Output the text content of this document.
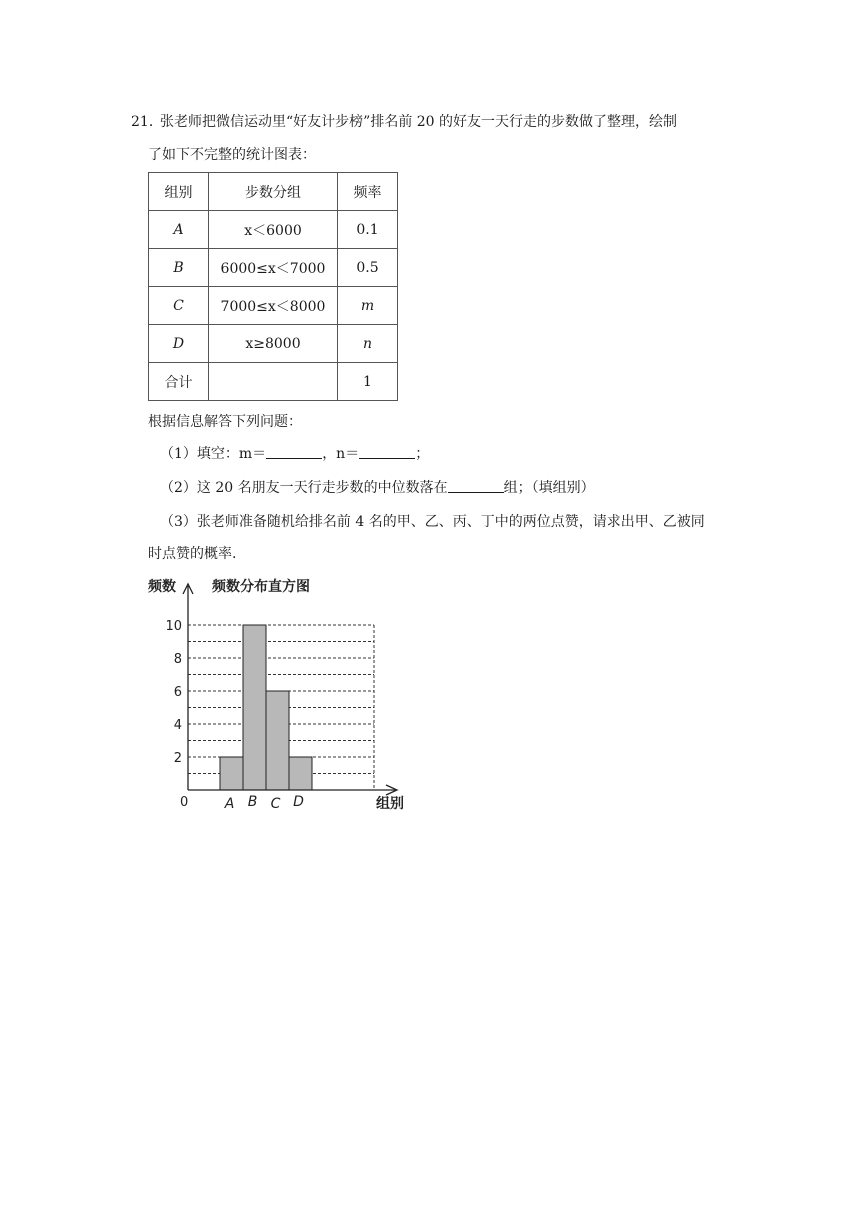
21．
张老师把微信运动里“好友计步榜”排名前 20 的好友一天行走的步数做了整理，绘制
了如下不完整的统计图表：
组别	步数分组	频率
A	x＜6000	0.1
B	6000≤x＜7000	0.5
C	7000≤x＜8000	m
D	x≥8000	n
合计		1
根据信息解答下列问题：
（1）填空：m＝	，n＝	；
（2）这 20 名朋友一天行走步数的中位数落在	组；（填组别）
（3）张老师准备随机给排名前 4 名的甲、乙、丙、丁中的两位点赞，请求出甲、乙被同
时点赞的概率.
频数	频数分布直方图
组别
0
2
4
6
8
10
A B C D
